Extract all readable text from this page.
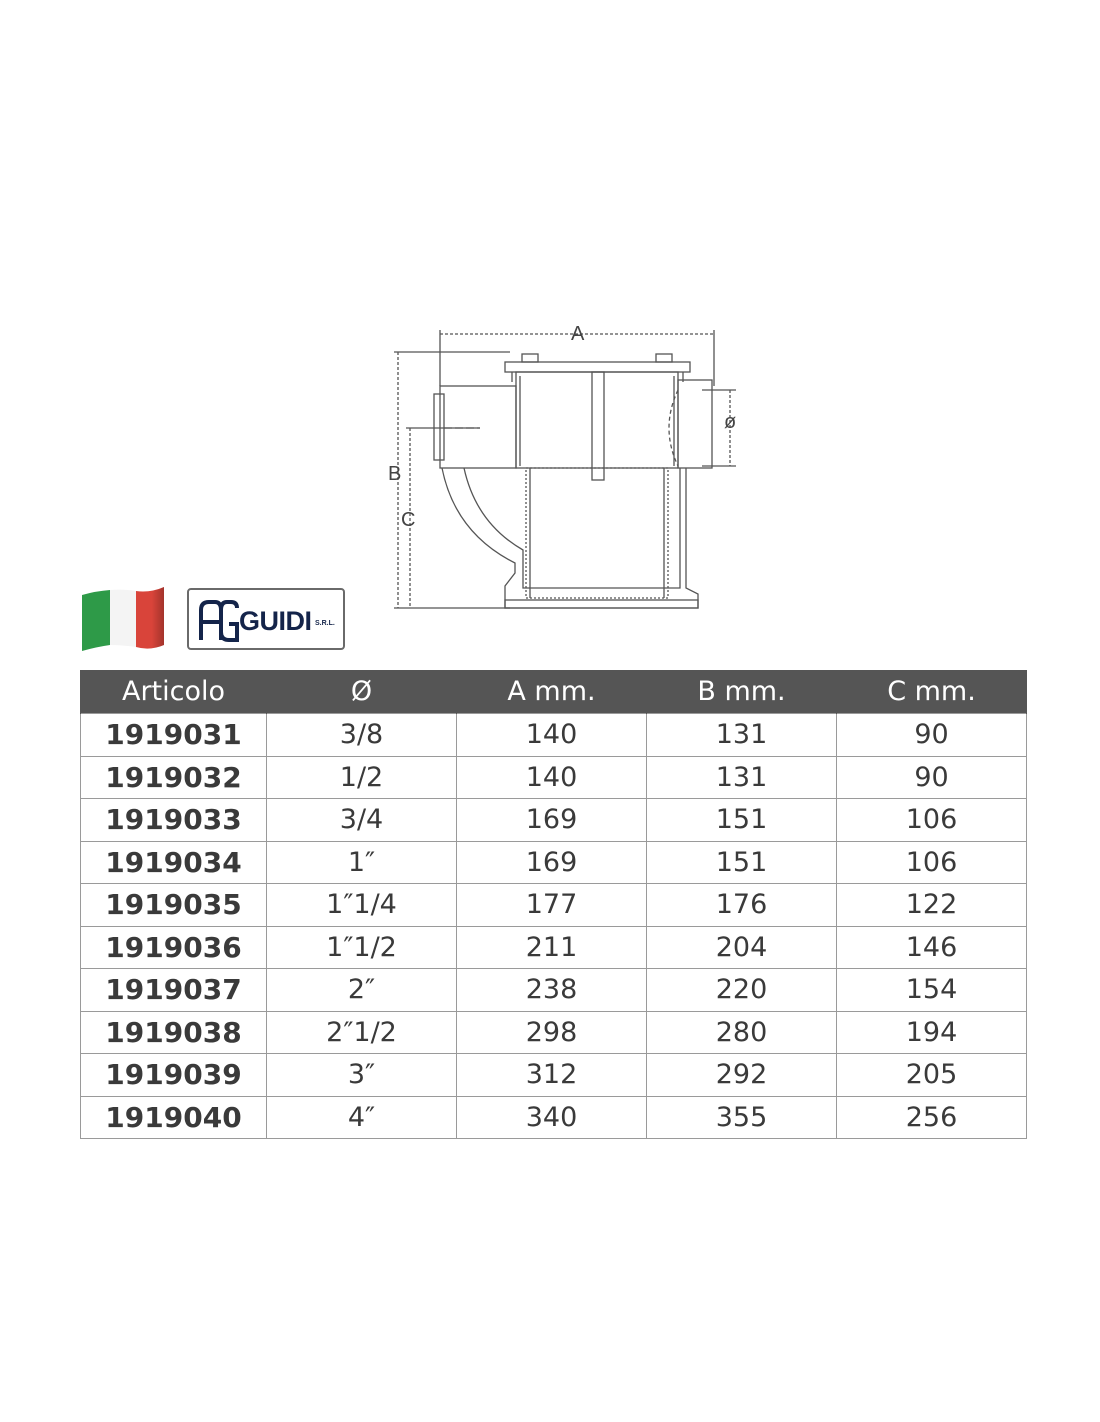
A
B
C
ø
GUIDI S.R.L.
Articolo	Ø	A mm.	B mm.	C mm.
1919031	3/8	140	131	90
1919032	1/2	140	131	90
1919033	3/4	169	151	106
1919034	1″	169	151	106
1919035	1″1/4	177	176	122
1919036	1″1/2	211	204	146
1919037	2″	238	220	154
1919038	2″1/2	298	280	194
1919039	3″	312	292	205
1919040	4″	340	355	256
